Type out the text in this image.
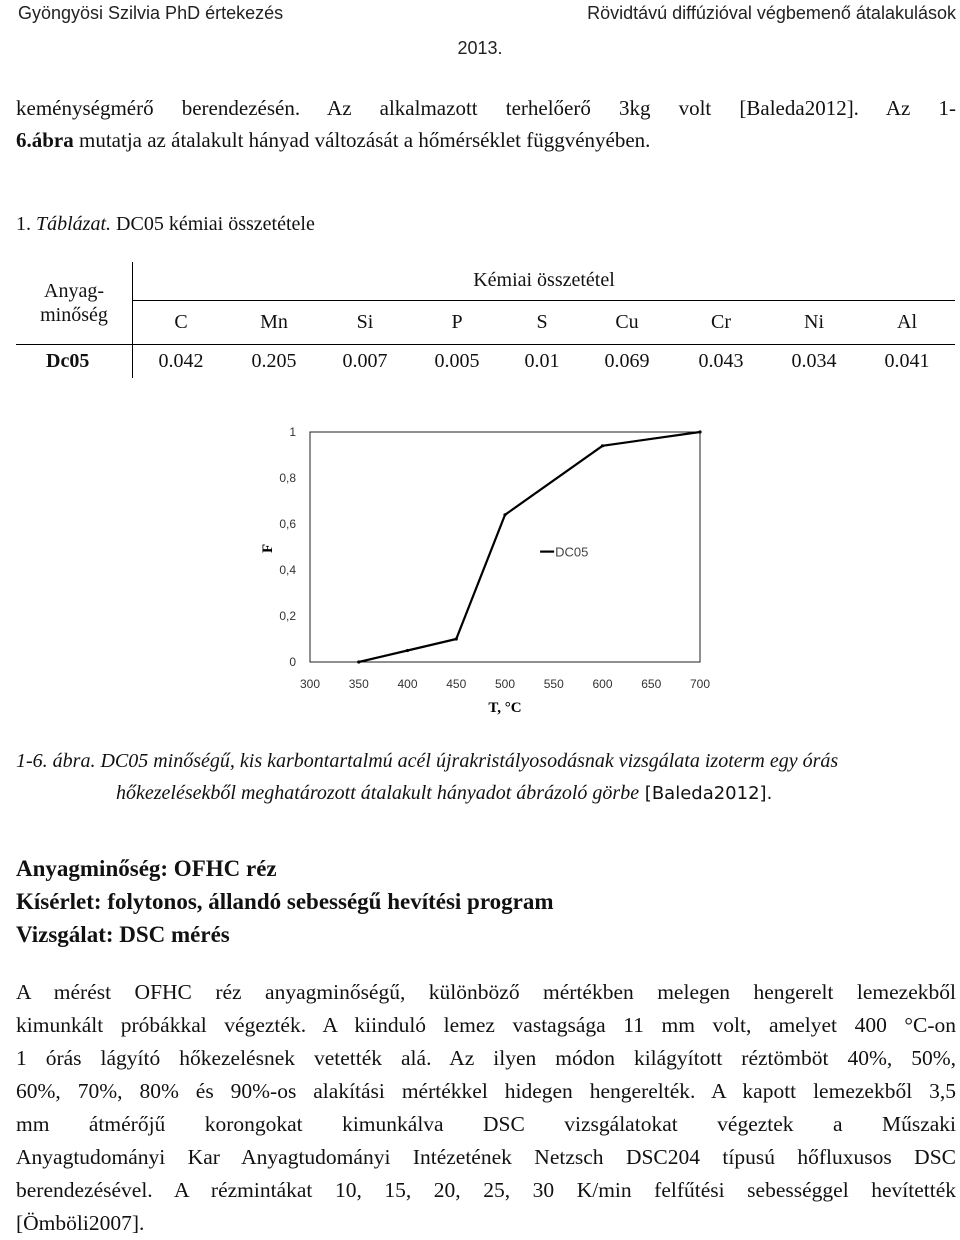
Gyöngyösi Szilvia PhD értekezés	Rövidtávú diffúzióval végbemenő átalakulások
2013.
keménységmérő berendezésén. Az alkalmazott terhelőerő 3kg volt [Baleda2012]. Az 1-
6.ábra mutatja az átalakult hányad változását a hőmérséklet függvényében.
1. Táblázat. DC05 kémiai összetétele
Anyag-
minőség	Kémiai összetétel								
	C	Mn	Si	P	S	Cu	Cr	Ni	Al
Dc05	0.042	0.205	0.007	0.005	0.01	0.069	0.043	0.034	0.041
0
0,2
0,4
0,6
0,8
1
300 350 400 450 500 550 600 650 700
DC05
F
T, °C
1-6. ábra. DC05 minőségű, kis karbontartalmú acél újrakristályosodásnak vizsgálata izoterm egy órás
hőkezelésekből meghatározott átalakult hányadot ábrázoló görbe [Baleda2012].
Anyagminőség: OFHC réz
Kísérlet: folytonos, állandó sebességű hevítési program
Vizsgálat: DSC mérés
A mérést OFHC réz anyagminőségű, különböző mértékben melegen hengerelt lemezekből
kimunkált próbákkal végezték. A kiinduló lemez vastagsága 11 mm volt, amelyet 400 °C-on
1 órás lágyító hőkezelésnek vetették alá. Az ilyen módon kilágyított réztömböt 40%, 50%,
60%, 70%, 80% és 90%-os alakítási mértékkel hidegen hengerelték. A kapott lemezekből 3,5
mm átmérőjű korongokat kimunkálva DSC vizsgálatokat végeztek a Műszaki
Anyagtudományi Kar Anyagtudományi Intézetének Netzsch DSC204 típusú hőfluxusos DSC
berendezésével. A rézmintákat 10, 15, 20, 25, 30 K/min felfűtési sebességgel hevítették
[Ömböli2007].
